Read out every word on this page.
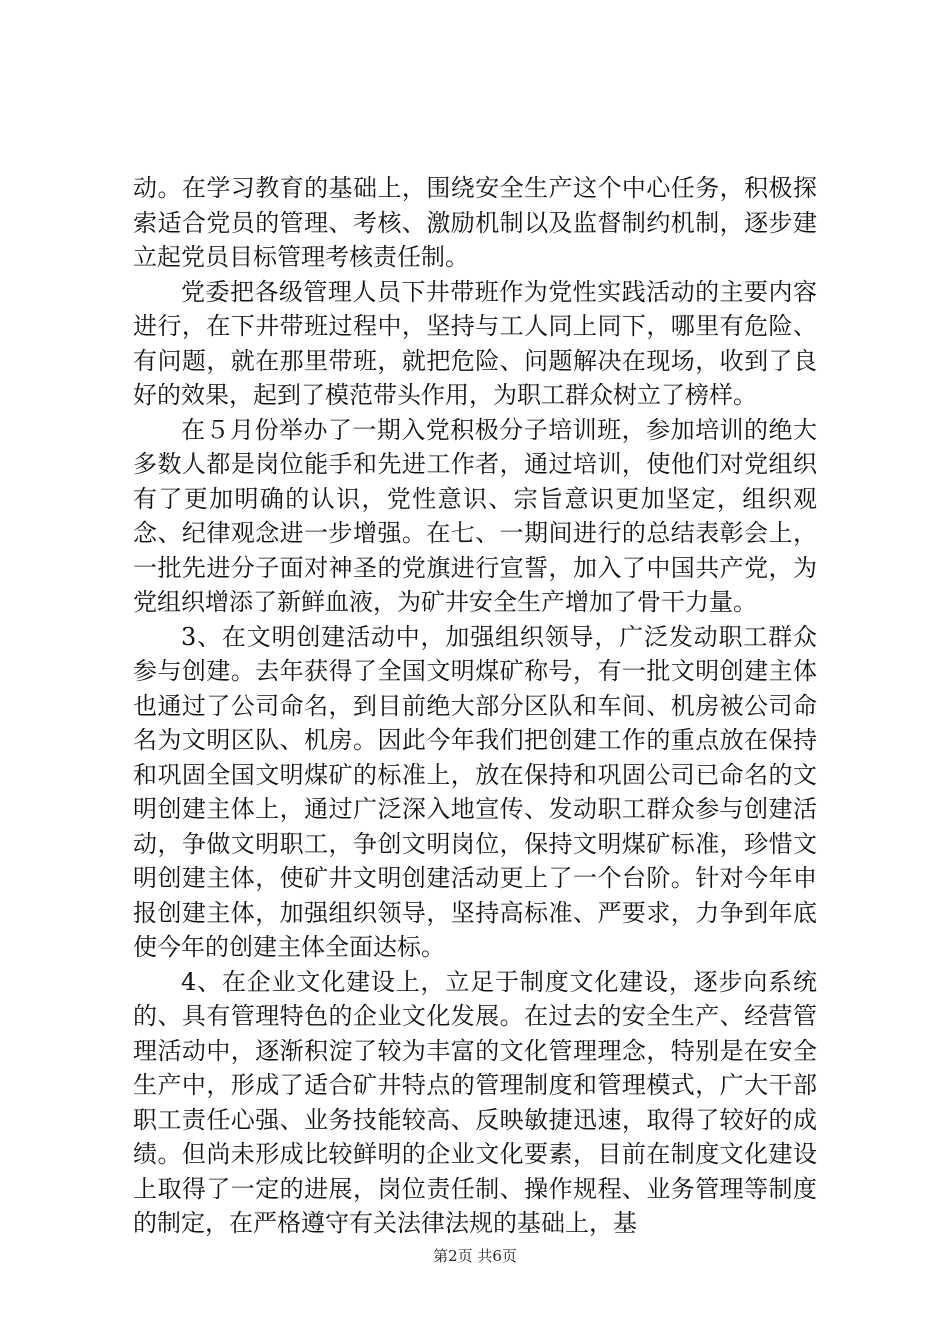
动。在学习教育的基础上，围绕安全生产这个中心任务，积极探索适合党员的管理、考核、激励机制以及监督制约机制，逐步建立起党员目标管理考核责任制。

党委把各级管理人员下井带班作为党性实践活动的主要内容进行，在下井带班过程中，坚持与工人同上同下，哪里有危险、有问题，就在那里带班，就把危险、问题解决在现场，收到了良好的效果，起到了模范带头作用，为职工群众树立了榜样。

在５月份举办了一期入党积极分子培训班，参加培训的绝大多数人都是岗位能手和先进工作者，通过培训，使他们对党组织有了更加明确的认识，党性意识、宗旨意识更加坚定，组织观念、纪律观念进一步增强。在七、一期间进行的总结表彰会上，一批先进分子面对神圣的党旗进行宣誓，加入了中国共产党，为党组织增添了新鲜血液，为矿井安全生产增加了骨干力量。

3、在文明创建活动中，加强组织领导，广泛发动职工群众参与创建。去年获得了全国文明煤矿称号，有一批文明创建主体也通过了公司命名，到目前绝大部分区队和车间、机房被公司命名为文明区队、机房。因此今年我们把创建工作的重点放在保持和巩固全国文明煤矿的标准上，放在保持和巩固公司已命名的文明创建主体上，通过广泛深入地宣传、发动职工群众参与创建活动，争做文明职工，争创文明岗位，保持文明煤矿标准，珍惜文明创建主体，使矿井文明创建活动更上了一个台阶。针对今年申报创建主体，加强组织领导，坚持高标准、严要求，力争到年底使今年的创建主体全面达标。

4、在企业文化建设上，立足于制度文化建设，逐步向系统的、具有管理特色的企业文化发展。在过去的安全生产、经营管理活动中，逐渐积淀了较为丰富的文化管理理念，特别是在安全生产中，形成了适合矿井特点的管理制度和管理模式，广大干部职工责任心强、业务技能较高、反映敏捷迅速，取得了较好的成绩。但尚未形成比较鲜明的企业文化要素，目前在制度文化建设上取得了一定的进展，岗位责任制、操作规程、业务管理等制度的制定，在严格遵守有关法律法规的基础上，基

第2页 共6页
